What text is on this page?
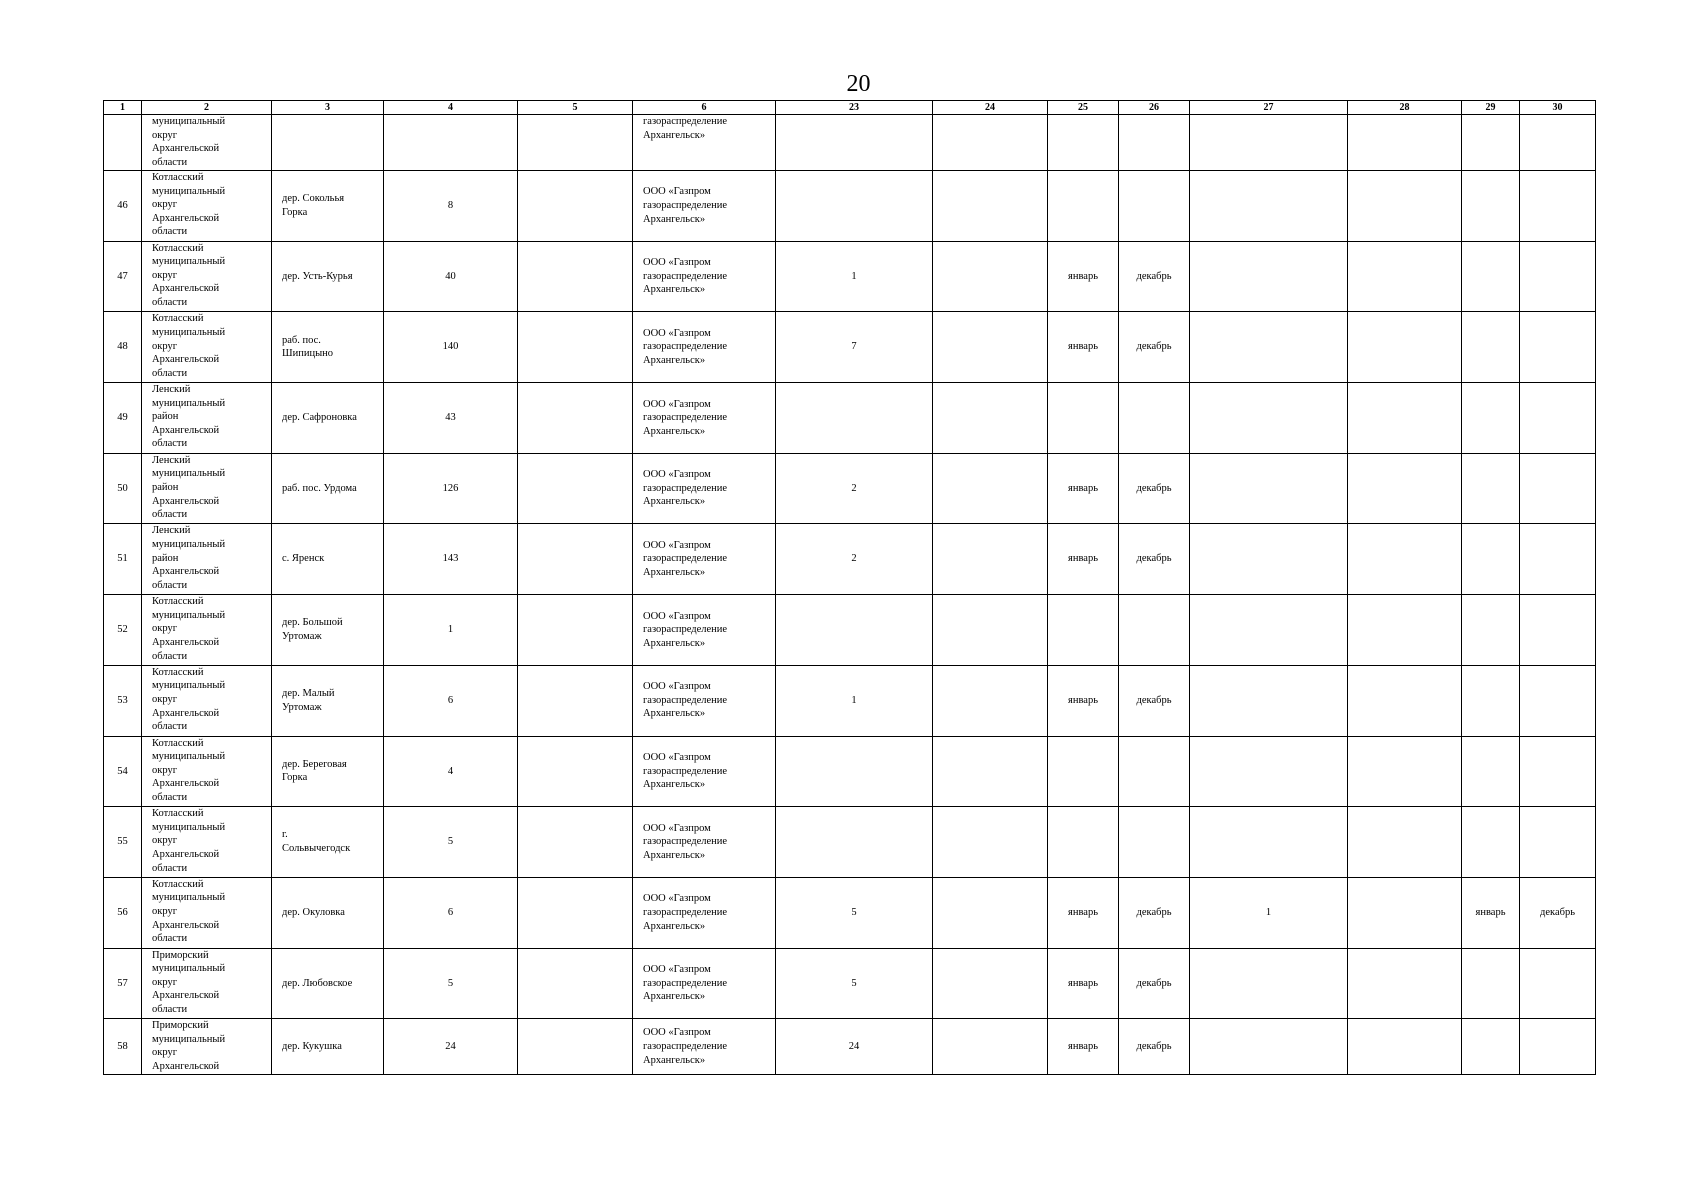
20
1	2	3	4	5	6	23	24	25	26	27	28	29	30
	муниципальный
округ
Архангельской
области				газораспределение
Архангельск»								
46	Котласский
муниципальный
округ
Архангельской
области	дер. Сокольья
Горка	8		ООО «Газпром
газораспределение
Архангельск»								
47	Котласский
муниципальный
округ
Архангельской
области	дер. Усть-Курья	40		ООО «Газпром
газораспределение
Архангельск»	1		январь	декабрь				
48	Котласский
муниципальный
округ
Архангельской
области	раб. пос.
Шипицыно	140		ООО «Газпром
газораспределение
Архангельск»	7		январь	декабрь				
49	Ленский
муниципальный
район
Архангельской
области	дер. Сафроновка	43		ООО «Газпром
газораспределение
Архангельск»								
50	Ленский
муниципальный
район
Архангельской
области	раб. пос. Урдома	126		ООО «Газпром
газораспределение
Архангельск»	2		январь	декабрь				
51	Ленский
муниципальный
район
Архангельской
области	с. Яренск	143		ООО «Газпром
газораспределение
Архангельск»	2		январь	декабрь				
52	Котласский
муниципальный
округ
Архангельской
области	дер. Большой
Уртомаж	1		ООО «Газпром
газораспределение
Архангельск»								
53	Котласский
муниципальный
округ
Архангельской
области	дер. Малый
Уртомаж	6		ООО «Газпром
газораспределение
Архангельск»	1		январь	декабрь				
54	Котласский
муниципальный
округ
Архангельской
области	дер. Береговая
Горка	4		ООО «Газпром
газораспределение
Архангельск»								
55	Котласский
муниципальный
округ
Архангельской
области	г.
Сольвычегодск	5		ООО «Газпром
газораспределение
Архангельск»								
56	Котласский
муниципальный
округ
Архангельской
области	дер. Окуловка	6		ООО «Газпром
газораспределение
Архангельск»	5		январь	декабрь	1		январь	декабрь
57	Приморский
муниципальный
округ
Архангельской
области	дер. Любовское	5		ООО «Газпром
газораспределение
Архангельск»	5		январь	декабрь				
58	Приморский
муниципальный
округ
Архангельской	дер. Кукушка	24		ООО «Газпром
газораспределение
Архангельск»	24		январь	декабрь				
